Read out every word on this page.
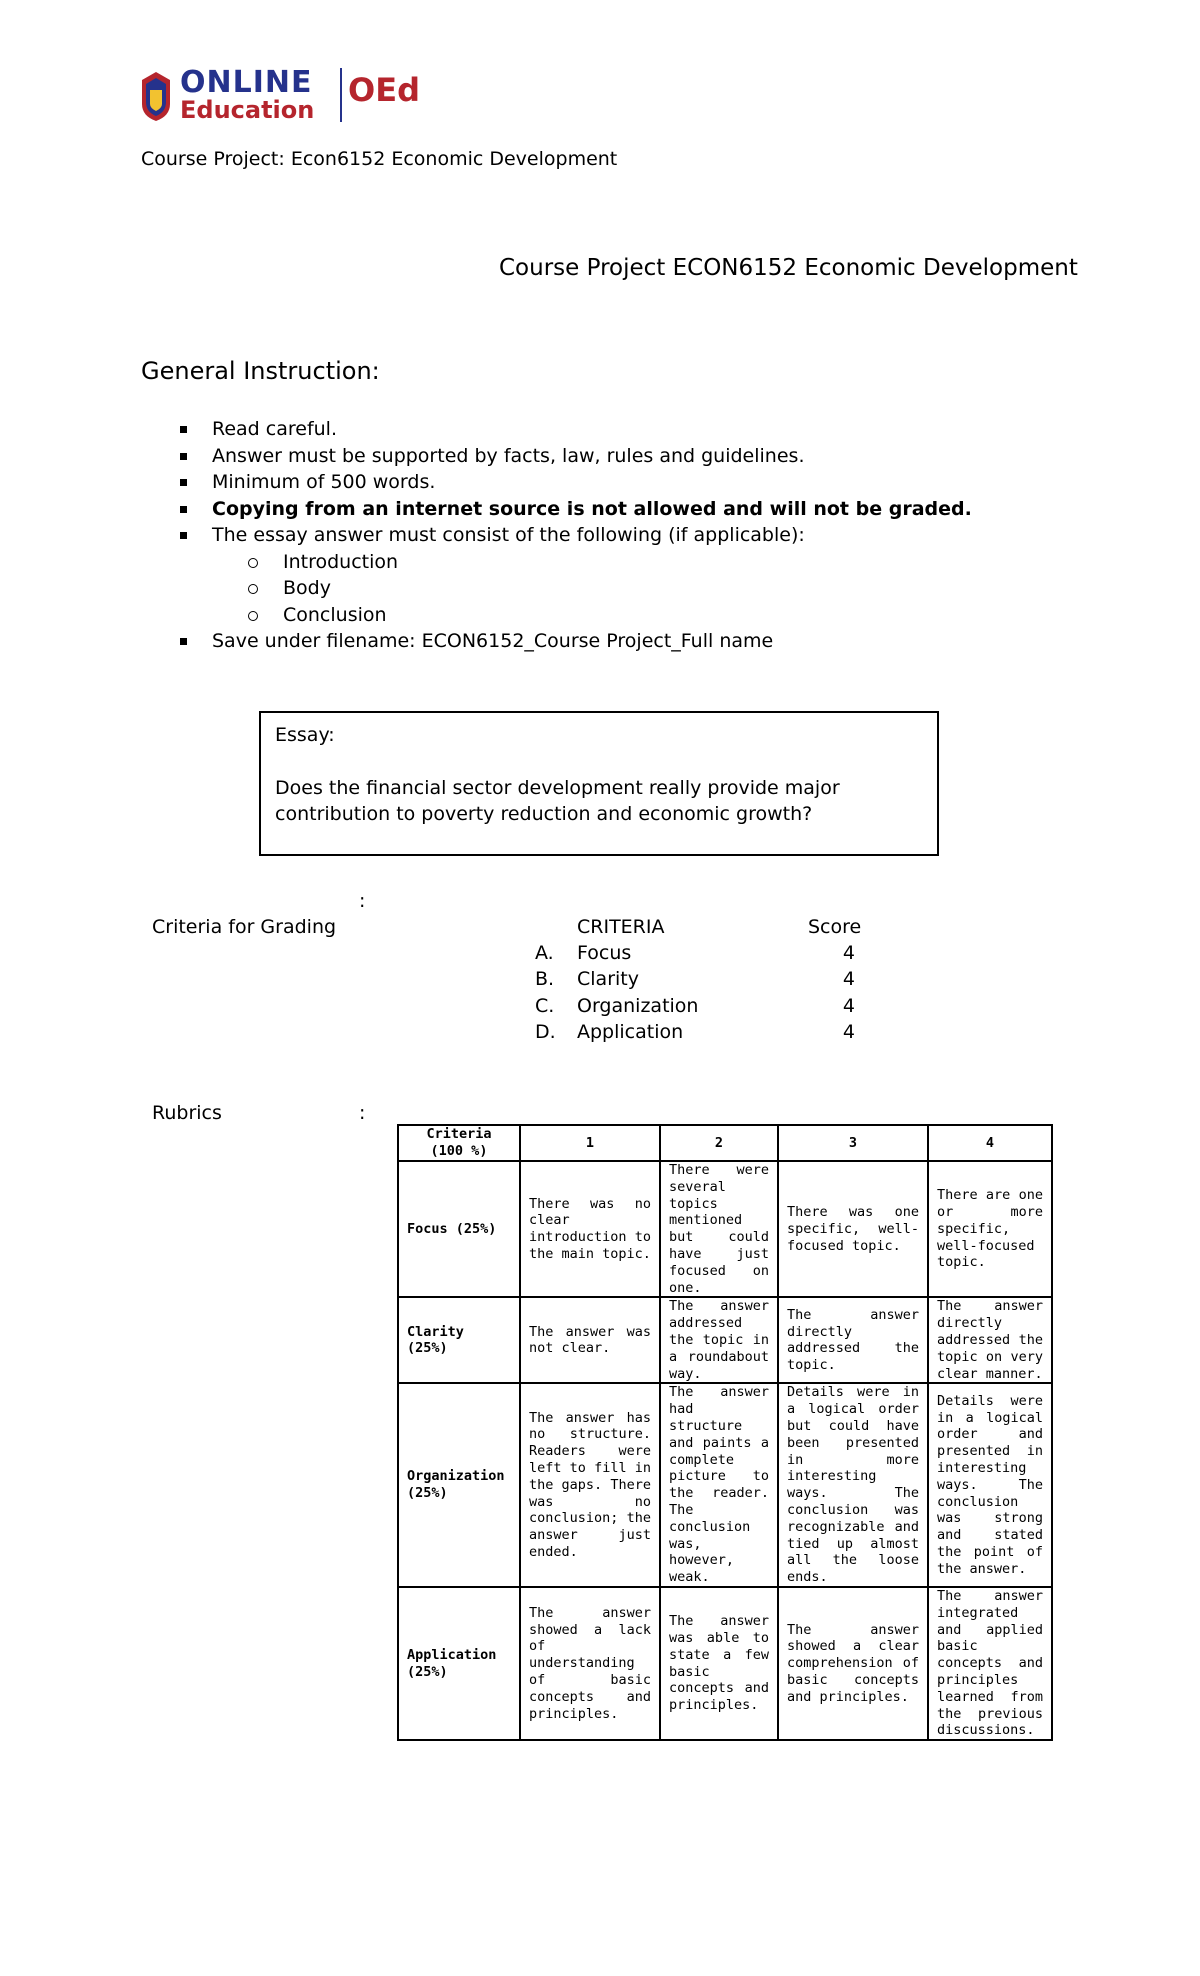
ONLINE
Education
OEd
Course Project: Econ6152 Economic Development
Course Project ECON6152 Economic Development
General Instruction:
Read careful.
Answer must be supported by facts, law, rules and guidelines.
Minimum of 500 words.
Copying from an internet source is not allowed and will not be graded.
The essay answer must consist of the following (if applicable):
Introduction
Body
Conclusion
Save under filename: ECON6152_Course Project_Full name
Essay:
Does the financial sector development really provide major contribution to poverty reduction and economic growth?
:
Criteria for Grading	CRITERIA	Score
A. Focus	4
B. Clarity	4
C. Organization	4
D. Application	4
Rubrics	:
Criteria (100 %)	1	2	3	4
Focus (25%)	There was no clear introduction to the main topic.	There were several topics mentioned but could have just focused on one.	There was one specific, well-focused topic.	There are one or more specific, well-focused topic.
Clarity (25%)	The answer was not clear.	The answer addressed the topic in a roundabout way.	The answer directly addressed the topic.	The answer directly addressed the topic on very clear manner.
Organization (25%)	The answer has no structure. Readers were left to fill in the gaps. There was no conclusion; the answer just ended.	The answer had structure and paints a complete picture to the reader. The conclusion was, however, weak.	Details were in a logical order but could have been presented in more interesting ways. The conclusion was recognizable and tied up almost all the loose ends.	Details were in a logical order and presented in interesting ways. The conclusion was strong and stated the point of the answer.
Application (25%)	The answer showed a lack of understanding of basic concepts and principles.	The answer was able to state a few basic concepts and principles.	The answer showed a clear comprehension of basic concepts and principles.	The answer integrated and applied basic concepts and principles learned from the previous discussions.
